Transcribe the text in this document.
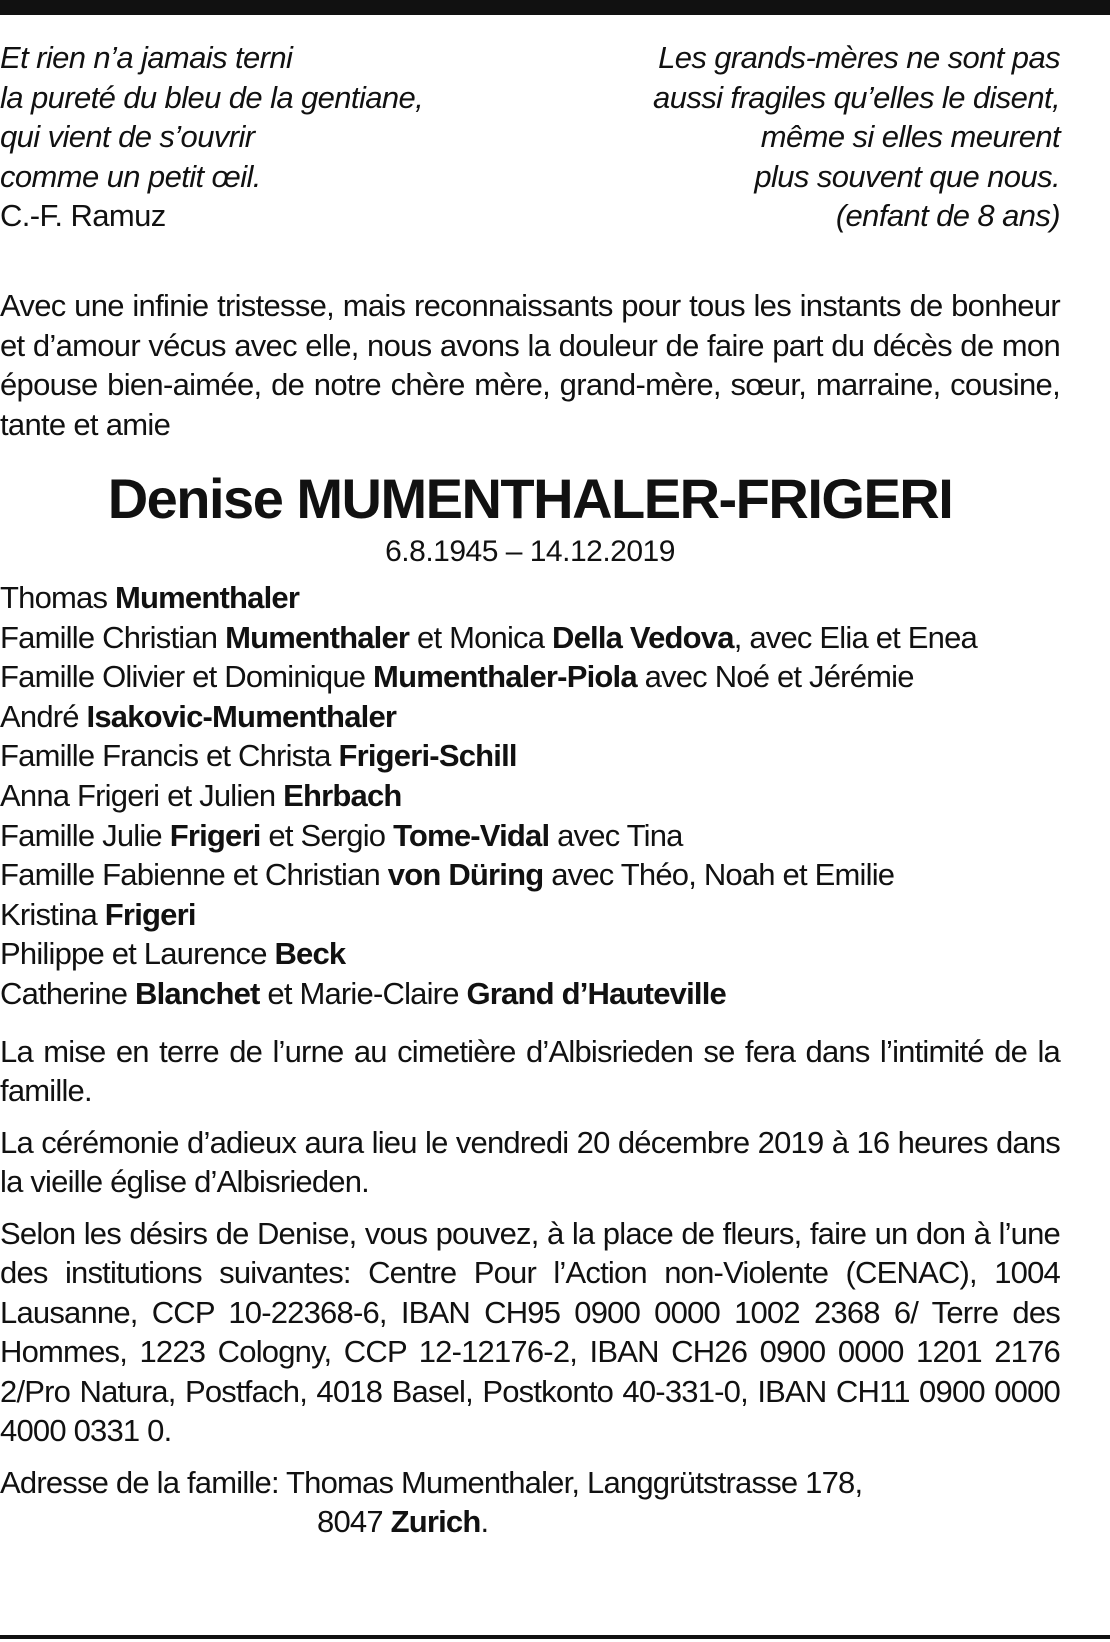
Et rien n’a jamais terni
la pureté du bleu de la gentiane,
qui vient de s’ouvrir
comme un petit œil.
C.-F. Ramuz
Les grands-mères ne sont pas
aussi fragiles qu’elles le disent,
même si elles meurent
plus souvent que nous.
(enfant de 8 ans)
Avec une infinie tristesse, mais reconnaissants pour tous les instants de bonheur et d’amour vécus avec elle, nous avons la douleur de faire part du décès de mon épouse bien-aimée, de notre chère mère, grand-mère, sœur, marraine, cousine, tante et amie
Denise MUMENTHALER-FRIGERI
6.8.1945 – 14.12.2019
Thomas Mumenthaler
Famille Christian Mumenthaler et Monica Della Vedova, avec Elia et Enea
Famille Olivier et Dominique Mumenthaler-Piola avec Noé et Jérémie
André Isakovic-Mumenthaler
Famille Francis et Christa Frigeri-Schill
Anna Frigeri et Julien Ehrbach
Famille Julie Frigeri et Sergio Tome-Vidal avec Tina
Famille Fabienne et Christian von Düring avec Théo, Noah et Emilie
Kristina Frigeri
Philippe et Laurence Beck
Catherine Blanchet et Marie-Claire Grand d’Hauteville
La mise en terre de l’urne au cimetière d’Albisrieden se fera dans l’intimité de la famille.
La cérémonie d’adieux aura lieu le vendredi 20 décembre 2019 à 16 heures dans la vieille église d’Albisrieden.
Selon les désirs de Denise, vous pouvez, à la place de fleurs, faire un don à l’une des institutions suivantes: Centre Pour l’Action non-Violente (CENAC), 1004 Lausanne, CCP 10-22368-6, IBAN CH95 0900 0000 1002 2368 6/ Terre des Hommes, 1223 Cologny, CCP 12-12176-2, IBAN CH26 0900 0000 1201 2176 2/Pro Natura, Postfach, 4018 Basel, Postkonto 40-331-0, IBAN CH11 0900 0000 4000 0331 0.
Adresse de la famille: Thomas Mumenthaler, Langgrütstrasse 178,
8047 Zurich.
